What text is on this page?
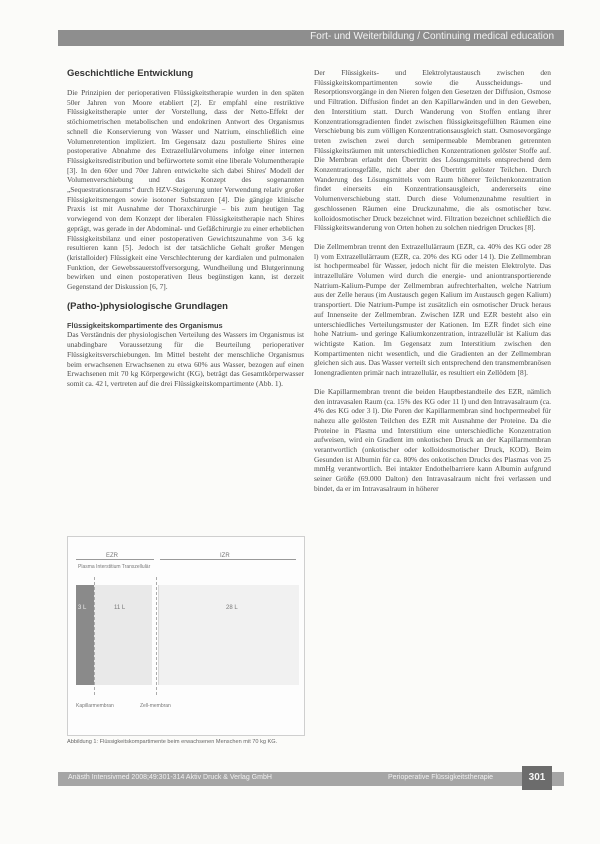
Fort- und Weiterbildung / Continuing medical education
Geschichtliche Entwicklung

Die Prinzipien der perioperativen Flüssigkeitstherapie wurden in den späten 50er Jahren von Moore etabliert [2]. Er empfahl eine restriktive Flüssigkeitstherapie unter der Vorstellung, dass der Netto-Effekt der stöchiometrischen metabolischen und endokrinen Antwort des Organismus schnell die Konservierung von Wasser und Natrium, einschließlich eine Volumenretention impliziert. Im Gegensatz dazu postulierte Shires eine postoperative Abnahme des Extrazellulärvolumens infolge einer internen Flüssigkeitsredistribution und befürwortete somit eine liberale Volumentherapie [3]. In den 60er und 70er Jahren entwickelte sich dabei Shires' Modell der Volumenverschiebung und das Konzept des sogenannten „Sequestrationsraums“ durch HZV-Steigerung unter Verwendung relativ großer Flüssigkeitsmengen sowie isotoner Substanzen [4]. Die gängige klinische Praxis ist mit Ausnahme der Thoraxchirurgie – bis zum heutigen Tag vorwiegend von dem Konzept der liberalen Flüssigkeitstherapie nach Shires geprägt, was gerade in der Abdominal- und Gefäßchirurgie zu einer erheblichen Flüssigkeitsbilanz und einer postoperativen Gewichtszunahme von 3-6 kg resultieren kann [5]. Jedoch ist der tatsächliche Gehalt großer Mengen (kristalloider) Flüssigkeit eine Verschlechterung der kardialen und pulmonalen Funktion, der Gewebssauerstoffversorgung, Wundheilung und Blutgerinnung bewirken und einen postoperativen Ileus begünstigen kann, ist derzeit Gegenstand der Diskussion [6, 7].

(Patho-)physiologische Grundlagen
Flüssigkeitskompartimente des Organismus

Das Verständnis der physiologischen Verteilung des Wassers im Organismus ist unabdingbare Voraussetzung für die Beurteilung perioperativer Flüssigkeitsverschiebungen. Im Mittel besteht der menschliche Organismus beim erwachsenen Erwachsenen zu etwa 60% aus Wasser, bezogen auf einen Erwachsenen mit 70 kg Körpergewicht (KG), beträgt das Gesamtkörperwasser somit ca. 42 l, vertreten auf die drei Flüssigkeitskompartimente (Abb. 1).

EZR	IZR
Plasma Interstitium Transzellulär
3 L	11 L	28 L
Kapillarmembran	Zell-membran
Abbildung 1: Flüssigkeitskompartimente beim erwachsenen Menschen mit 70 kg KG.

Der Flüssigkeits- und Elektrolytaustausch zwischen den Flüssigkeitskompartimenten sowie die Ausscheidungs- und Resorptionsvorgänge in den Nieren folgen den Gesetzen der Diffusion, Osmose und Filtration. Diffusion findet an den Kapillarwänden und in den Geweben, den Interstitium statt. Durch Wanderung von Stoffen entlang ihrer Konzentrationsgradienten findet zwischen flüssigkeitsgefüllten Räumen eine Verschiebung bis zum völligen Konzentrationsausgleich statt. Osmosevorgänge treten zwischen zwei durch semipermeable Membranen getrennten Flüssigkeitsräumen mit unterschiedlichen Konzentrationen gelöster Stoffe auf. Die Membran erlaubt den Übertritt des Lösungsmittels entsprechend dem Konzentrationsgefälle, nicht aber den Übertritt gelöster Teilchen. Durch Wanderung des Lösungsmittels vom Raum höherer Teilchenkonzentration findet einerseits ein Konzentrationsausgleich, andererseits eine Volumenverschiebung statt. Durch diese Volumenzunahme resultiert in geschlossenen Räumen eine Druckzunahme, die als osmotischer bzw. kolloidosmotischer Druck bezeichnet wird. Filtration bezeichnet schließlich die Flüssigkeitswanderung von Orten hohen zu solchen niedrigen Druckes [8].

Die Zellmembran trennt den Extrazellulärraum (EZR, ca. 40% des KG oder 28 l) vom Extrazellulärraum (EZR, ca. 20% des KG oder 14 l). Die Zellmembran ist hochpermeabel für Wasser, jedoch nicht für die meisten Elektrolyte. Das intrazelluläre Volumen wird durch die energie- und aniontransportierende Natrium-Kalium-Pumpe der Zellmembran aufrechterhalten, welche Natrium aus der Zelle heraus (im Austausch gegen Kalium im Austausch gegen Kalium) transportiert. Die Natrium-Pumpe ist zusätzlich ein osmotischer Druck heraus auf Innenseite der Zellmembran. Zwischen IZR und EZR besteht also ein unterschiedliches Verteilungsmuster der Kationen. Im EZR findet sich eine hohe Natrium- und geringe Kaliumkonzentration, intrazellulär ist Kalium das wichtigste Kation. Im Gegensatz zum Interstitium zwischen den Kompartimenten nicht wesentlich, und die Gradienten an der Zellmembran gleichen sich aus. Das Wasser verteilt sich entsprechend den transmembranösen Ionengradienten primär nach intrazellulär, es resultiert ein Zellödem [8].

Die Kapillarmembran trennt die beiden Hauptbestandteile des EZR, nämlich den intravasalen Raum (ca. 15% des KG oder 11 l) und den Intravasalraum (ca. 4% des KG oder 3 l). Die Poren der Kapillarmembran sind hochpermeabel für nahezu alle gelösten Teilchen des EZR mit Ausnahme der Proteine. Da die Proteine in Plasma und Interstitium eine unterschiedliche Konzentration aufweisen, wird ein Gradient im onkotischen Druck an der Kapillarmembran verantwortlich (onkotischer oder kolloidosmotischer Druck, KOD). Beim Gesunden ist Albumin für ca. 80% des onkotischen Drucks des Plasmas von 25 mmHg verantwortlich. Bei intakter Endothelbarriere kann Albumin aufgrund seiner Größe (69.000 Dalton) den Intravasalraum nicht frei verlassen und bindet, da er im Intravasalraum in höherer

Anästh Intensivmed 2008;49:301-314 Aktiv Druck & Verlag GmbH	Perioperative Flüssigkeitstherapie	301
